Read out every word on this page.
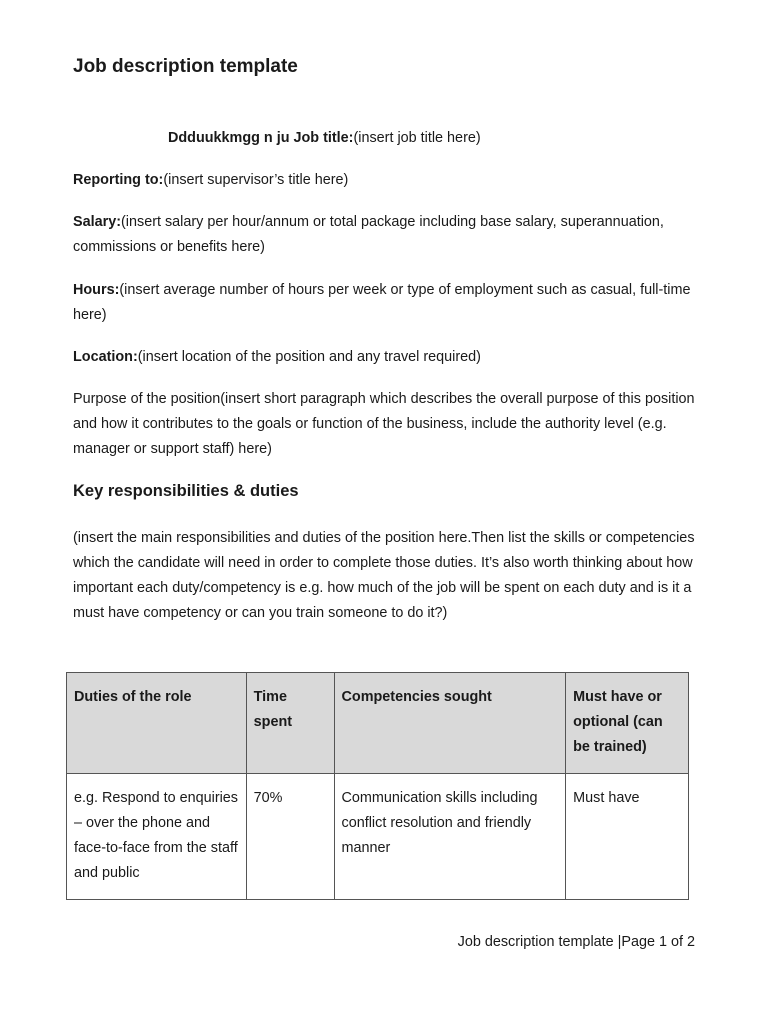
Job description template

Ddduukkmgg n ju Job title:(insert job title here)

Reporting to:(insert supervisor’s title here)

Salary:(insert salary per hour/annum or total package including base salary, superannuation, commissions or benefits here)

Hours:(insert average number of hours per week or type of employment such as casual, full-time here)

Location:(insert location of the position and any travel required)

Purpose of the position(insert short paragraph which describes the overall purpose of this position and how it contributes to the goals or function of the business, include the authority level (e.g. manager or support staff) here)

Key responsibilities & duties

(insert the main responsibilities and duties of the position here.Then list the skills or competencies which the candidate will need in order to complete those duties. It’s also worth thinking about how important each duty/competency is e.g. how much of the job will be spent on each duty and is it a must have competency or can you train someone to do it?)

Duties of the role	Time spent	Competencies sought	Must have or optional (can be trained)
e.g. Respond to enquiries – over the phone and face-to-face from the staff and public	70%	Communication skills including conflict resolution and friendly manner	Must have
Job description template |Page 1 of 2
